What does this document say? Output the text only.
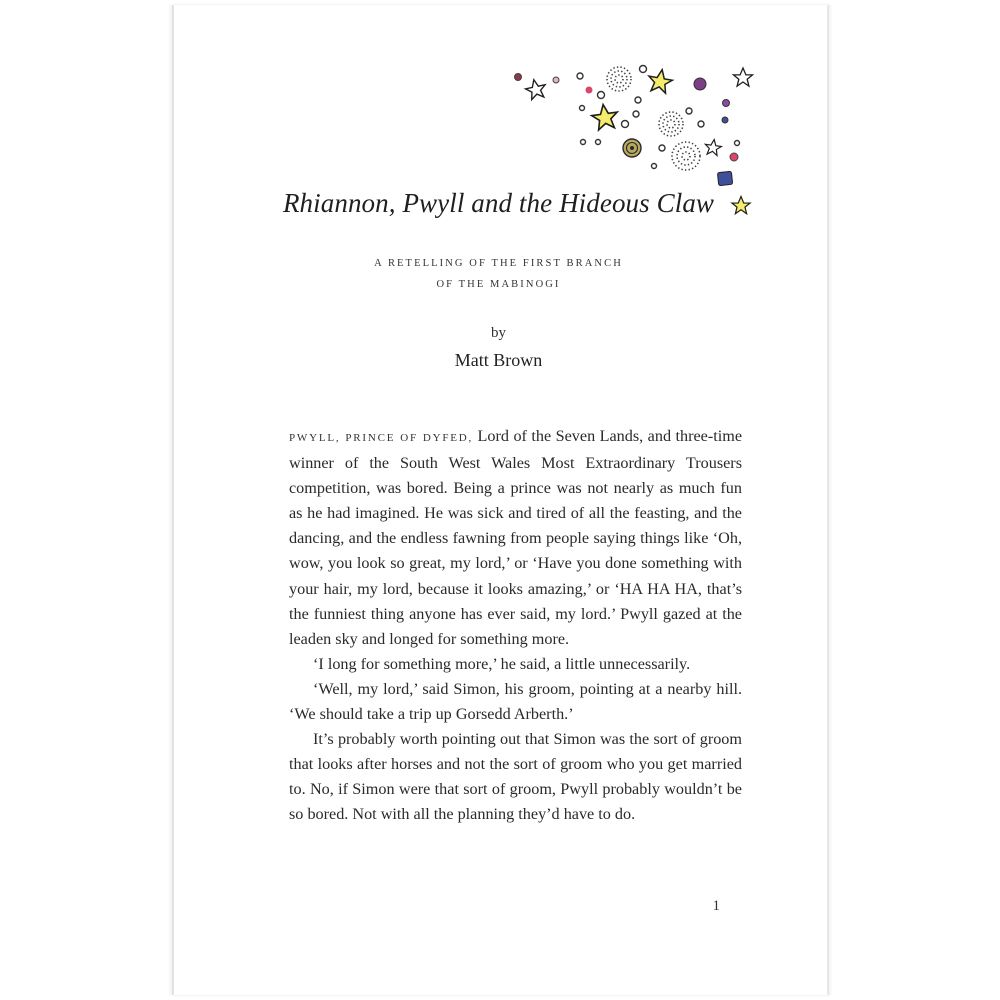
Rhiannon, Pwyll and the Hideous Claw
A RETELLING OF THE FIRST BRANCH
OF THE MABINOGI
by
Matt Brown

PWYLL, PRINCE OF DYFED, Lord of the Seven Lands, and three-time winner of the South West Wales Most Extraordinary Trousers competition, was bored. Being a prince was not nearly as much fun as he had imagined. He was sick and tired of all the feasting, and the dancing, and the endless fawning from people saying things like ‘Oh, wow, you look so great, my lord,’ or ‘Have you done something with your hair, my lord, because it looks amazing,’ or ‘HA HA HA, that’s the funniest thing anyone has ever said, my lord.’ Pwyll gazed at the leaden sky and longed for something more.

‘I long for something more,’ he said, a little unnecessarily.

‘Well, my lord,’ said Simon, his groom, pointing at a nearby hill. ‘We should take a trip up Gorsedd Arberth.’

It’s probably worth pointing out that Simon was the sort of groom that looks after horses and not the sort of groom who you get married to. No, if Simon were that sort of groom, Pwyll probably wouldn’t be so bored. Not with all the planning they’d have to do.

1
